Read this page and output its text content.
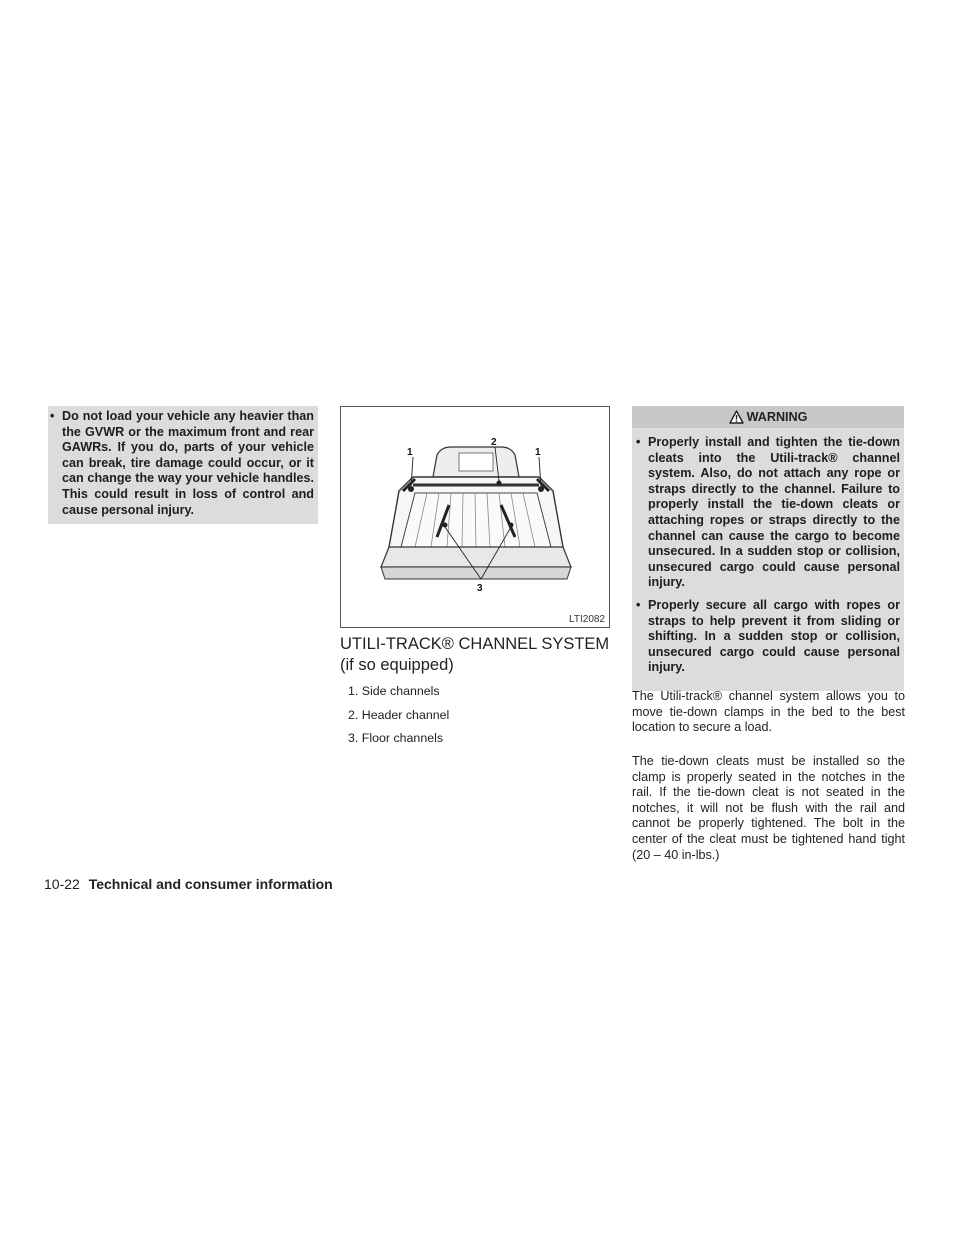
• Do not load your vehicle any heavier than the GVWR or the maximum front and rear GAWRs. If you do, parts of your vehicle can break, tire damage could occur, or it can change the way your vehicle handles. This could result in loss of control and cause personal injury.
1
2
1
3
LTI2082
UTILI-TRACK® CHANNEL SYSTEM (if so equipped)
1. Side channels
2. Header channel
3. Floor channels
WARNING
• Properly install and tighten the tie-down cleats into the Utili-track® channel system. Also, do not attach any rope or straps directly to the channel. Failure to properly install the tie-down cleats or attaching ropes or straps directly to the channel can cause the cargo to become unsecured. In a sudden stop or collision, unsecured cargo could cause personal injury.
• Properly secure all cargo with ropes or straps to help prevent it from sliding or shifting. In a sudden stop or collision, unsecured cargo could cause personal injury.

The Utili-track® channel system allows you to move tie-down clamps in the bed to the best location to secure a load.

The tie-down cleats must be installed so the clamp is properly seated in the notches in the rail. If the tie-down cleat is not seated in the notches, it will not be flush with the rail and cannot be properly tightened. The bolt in the center of the cleat must be tightened hand tight (20 – 40 in-lbs.)

10-22 Technical and consumer information
